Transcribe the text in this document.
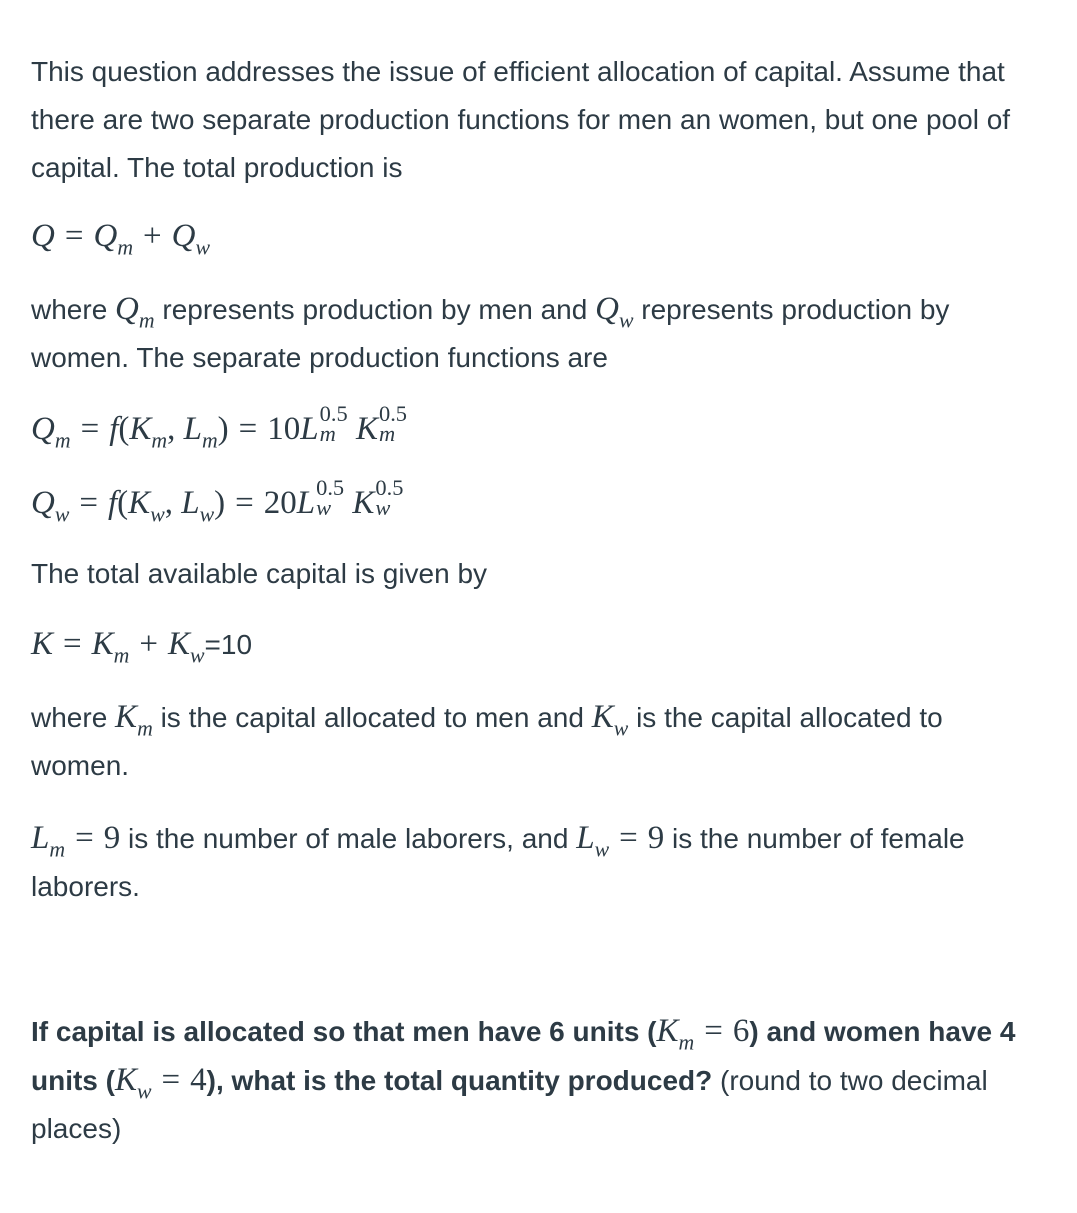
This question addresses the issue of efficient allocation of capital. Assume that there are two separate production functions for men an women, but one pool of capital. The total production is

$Q = Q_m + Q_w$

where $Q_m$ represents production by men and $Q_w$ represents production by women. The separate production functions are

$Q_m = f(K_m$, $L_m) = 10L$ 0.5
m K 0.5
m

$Q_w = f(K_w$, $L_w) = 20L$ 0.5
w K 0.5
w

The total available capital is given by

$K = K_m + K_w=10$

where $K_m$ is the capital allocated to men and $K_w$ is the capital allocated to women.

$L_m = 9$ is the number of male laborers, and $L_w = 9$ is the number of female laborers.

If capital is allocated so that men have 6 units $(K_m = 6)$ and women have 4 units $(K_w = 4)$, what is the total quantity produced? (round to two decimal places)
